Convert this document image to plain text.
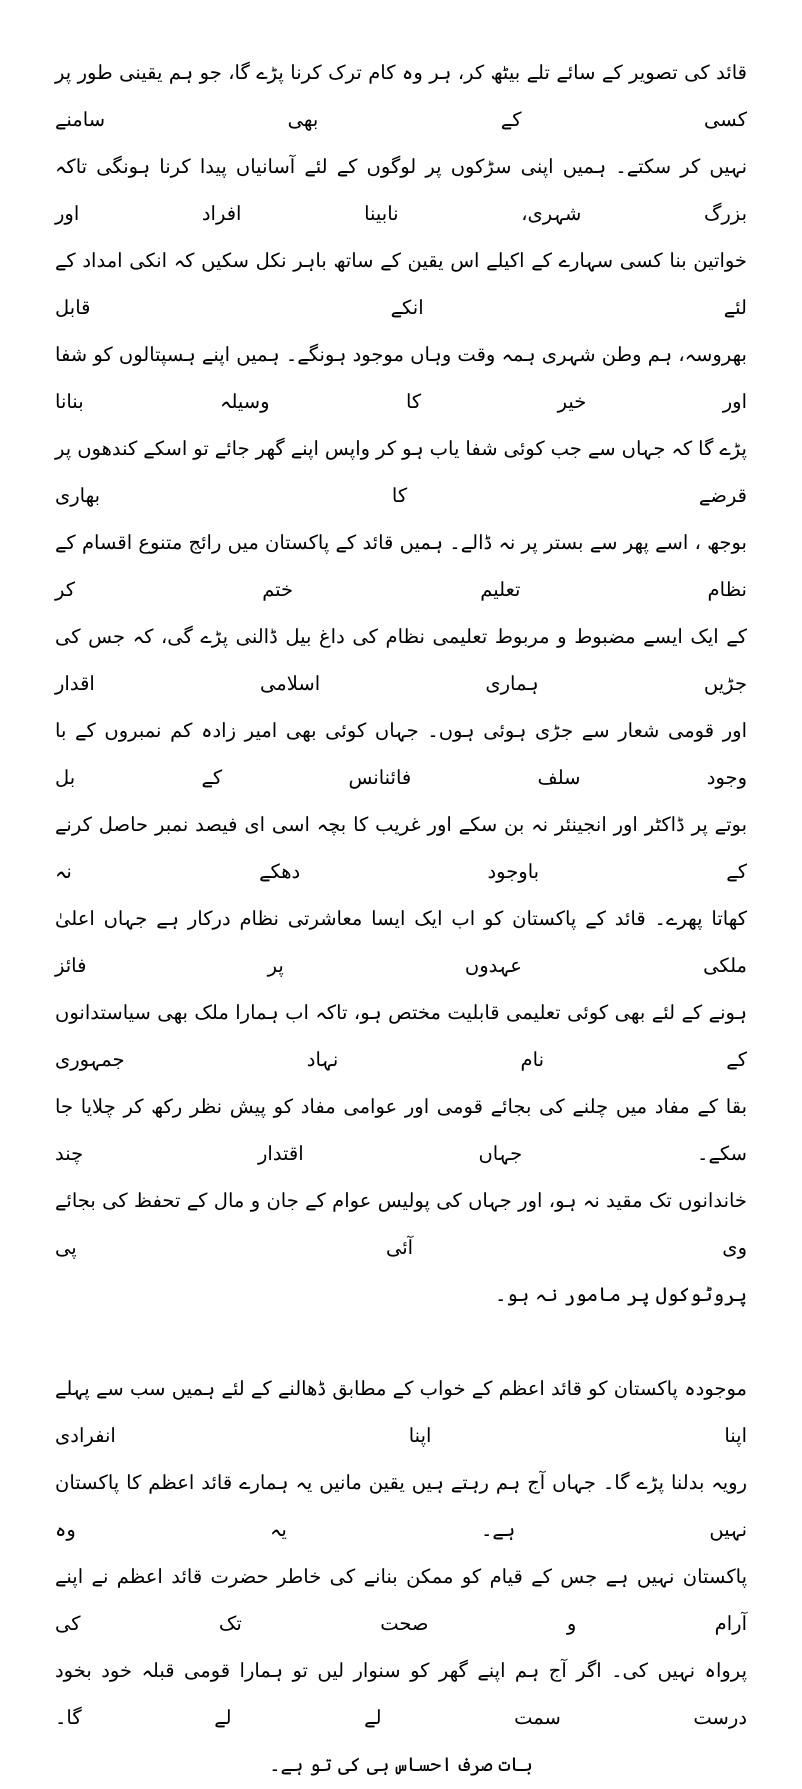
قائد کی تصویر کے سائے تلے بیٹھ کر، ہر وہ کام ترک کرنا پڑے گا، جو ہم یقینی طور پر کسی کے بھی سامنے
نہیں کر سکتے۔ ہمیں اپنی سڑکوں پر لوگوں کے لئے آسانیاں پیدا کرنا ہونگی تاکہ بزرگ شہری، نابینا افراد اور
خواتین بنا کسی سہارے کے اکیلے اس یقین کے ساتھ باہر نکل سکیں کہ انکی امداد کے لئے انکے قابل
بھروسہ، ہم وطن شہری ہمہ وقت وہاں موجود ہونگے۔ ہمیں اپنے ہسپتالوں کو شفا اور خیر کا وسیلہ بنانا
پڑے گا کہ جہاں سے جب کوئی شفا یاب ہو کر واپس اپنے گھر جائے تو اسکے کندھوں پر قرضے کا بھاری
بوجھ ، اسے پھر سے بستر پر نہ ڈالے۔ ہمیں قائد کے پاکستان میں رائج متنوع اقسام کے نظام تعلیم ختم کر
کے ایک ایسے مضبوط و مربوط تعلیمی نظام کی داغ بیل ڈالنی پڑے گی، کہ جس کی جڑیں ہماری اسلامی اقدار
اور قومی شعار سے جڑی ہوئی ہوں۔ جہاں کوئی بھی امیر زادہ کم نمبروں کے با وجود سلف فائنانس کے بل
بوتے پر ڈاکٹر اور انجینئر نہ بن سکے اور غریب کا بچہ اسی ای فیصد نمبر حاصل کرنے کے باوجود دھکے نہ
کھاتا پھرے۔ قائد کے پاکستان کو اب ایک ایسا معاشرتی نظام درکار ہے جہاں اعلیٰ ملکی عہدوں پر فائز
ہونے کے لئے بھی کوئی تعلیمی قابلیت مختص ہو، تاکہ اب ہمارا ملک بھی سیاستدانوں کے نام نہاد جمہوری
بقا کے مفاد میں چلنے کی بجائے قومی اور عوامی مفاد کو پیش نظر رکھ کر چلایا جا سکے۔ جہاں اقتدار چند
خاندانوں تک مقید نہ ہو، اور جہاں کی پولیس عوام کے جان و مال کے تحفظ کی بجائے وی آئی پی
پروٹوکول پر مامور نہ ہو۔
موجودہ پاکستان کو قائد اعظم کے خواب کے مطابق ڈھالنے کے لئے ہمیں سب سے پہلے اپنا اپنا انفرادی
رویہ بدلنا پڑے گا۔ جہاں آج ہم رہتے ہیں یقین مانیں یہ ہمارے قائد اعظم کا پاکستان نہیں ہے۔ یہ وہ
پاکستان نہیں ہے جس کے قیام کو ممکن بنانے کی خاطر حضرت قائد اعظم نے اپنے آرام و صحت تک کی
پرواہ نہیں کی۔ اگر آج ہم اپنے گھر کو سنوار لیں تو ہمارا قومی قبلہ خود بخود درست سمت لے لے گا۔
بات صرف احساس ہی کی تو ہے۔
